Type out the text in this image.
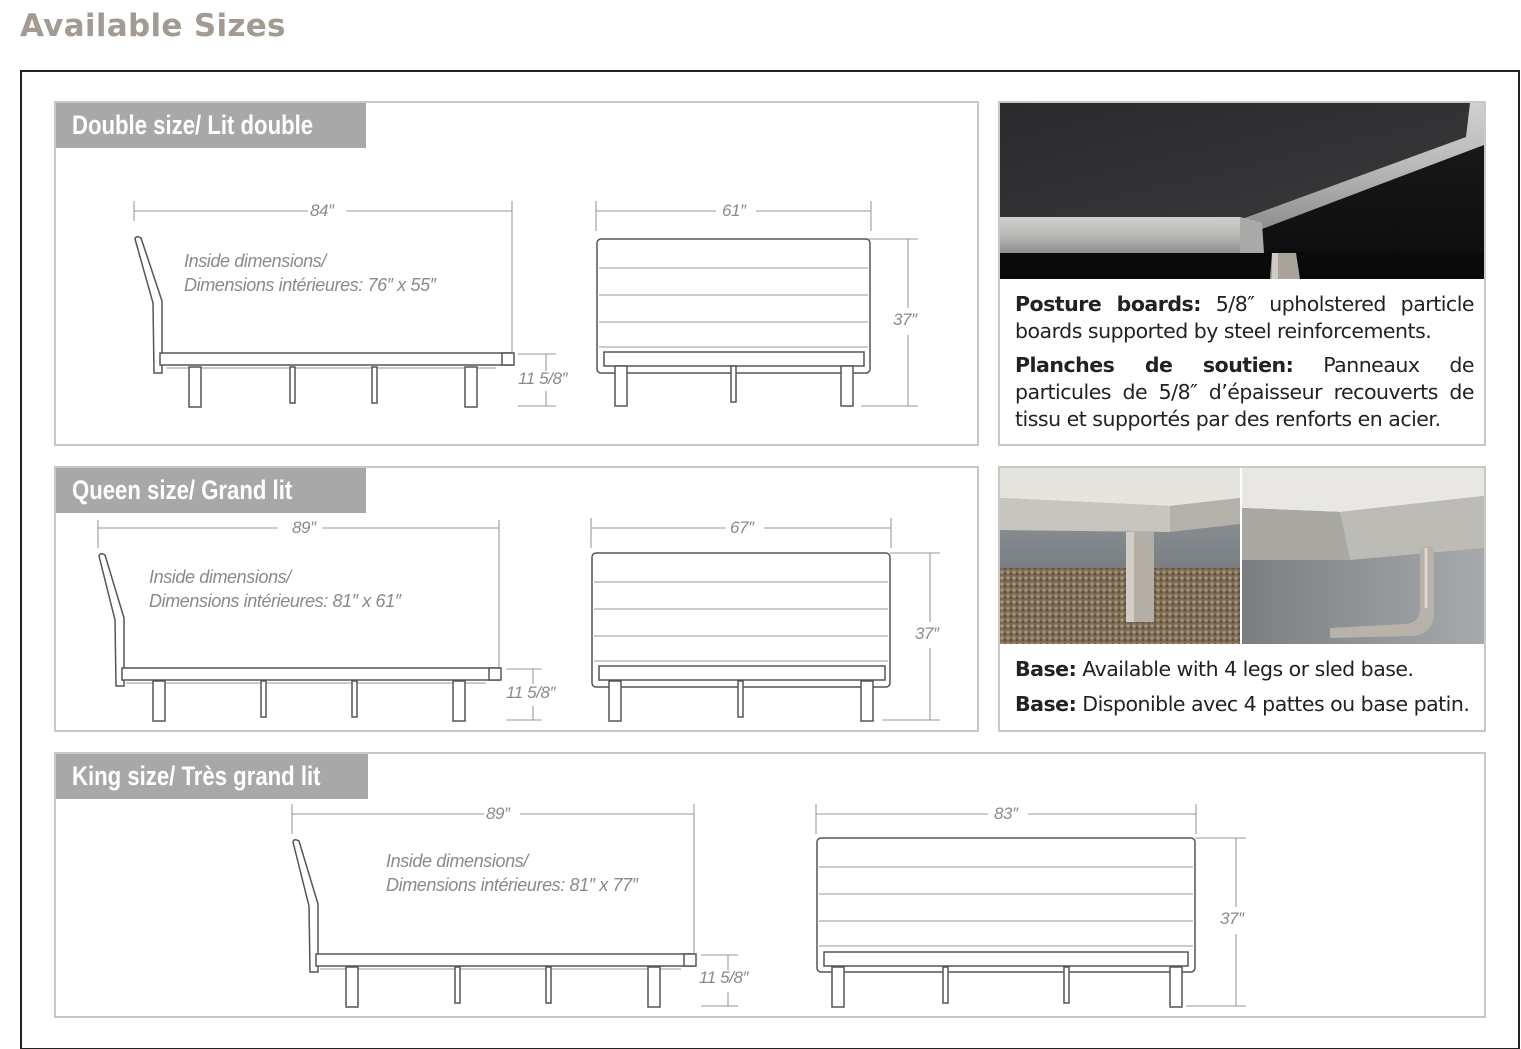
Available Sizes
Double size/ Lit double
84″
Inside dimensions/
Dimensions intérieures: 76″ x 55″
11 5/8″
61″
37″
Queen size/ Grand lit
89″
Inside dimensions/
Dimensions intérieures: 81″ x 61″
11 5/8″
67″
37″
King size/ Très grand lit
89″
Inside dimensions/
Dimensions intérieures: 81″ x 77″
11 5/8″
83″
37″
Posture boards: 5/8″ upholstered particle boards supported by steel reinforcements.
Planches de soutien: Panneaux de particules de 5/8″ d’épaisseur recouverts de tissu et supportés par des renforts en acier.
Base: Available with 4 legs or sled base.
Base: Disponible avec 4 pattes ou base patin.
